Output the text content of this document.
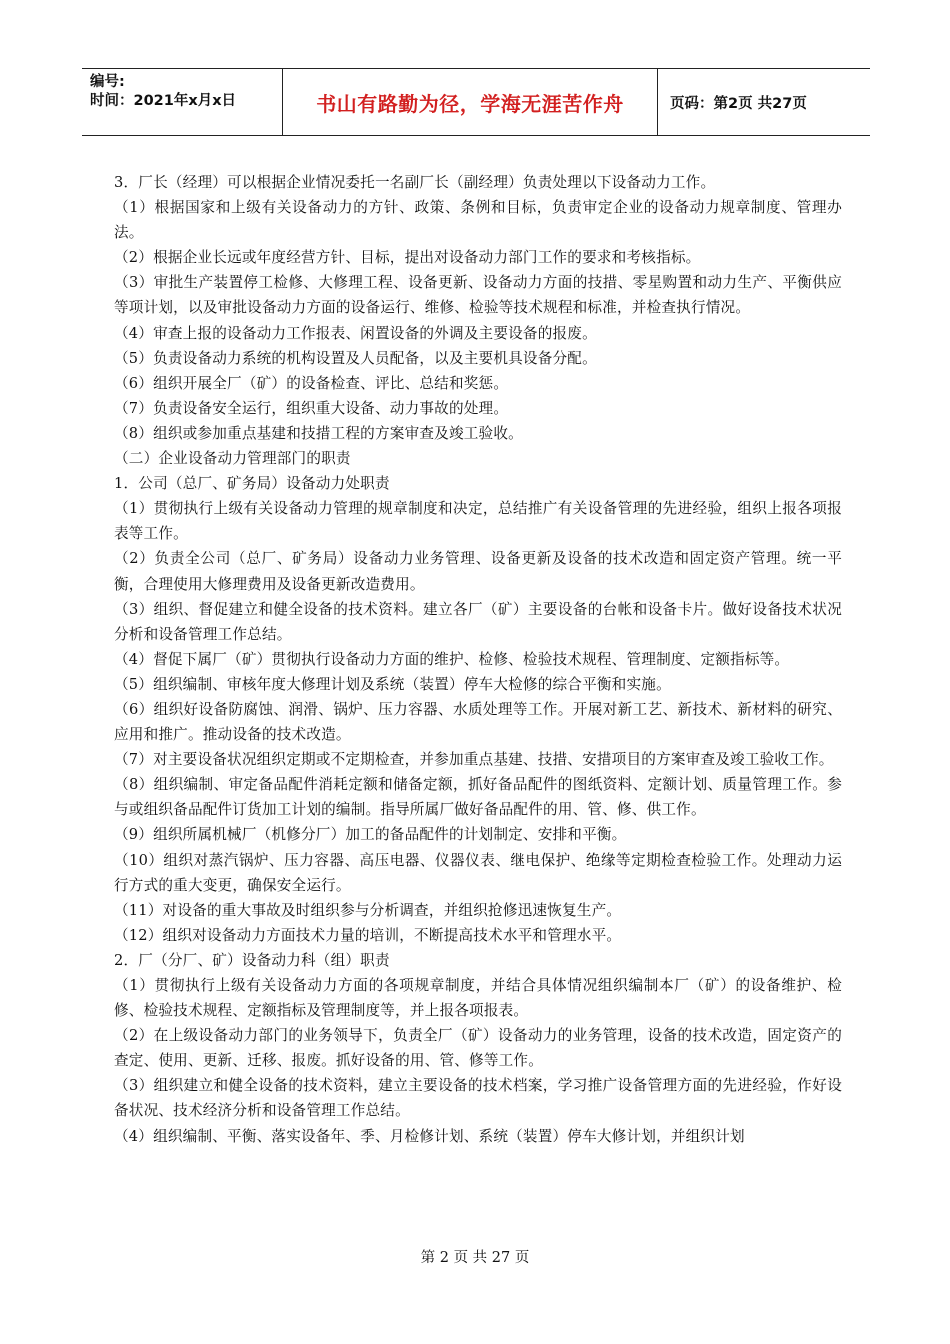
编号:
时间：2021年x月x日	书山有路勤为径，学海无涯苦作舟	页码：第2页 共27页

3．厂长（经理）可以根据企业情况委托一名副厂长（副经理）负责处理以下设备动力工作。

（1）根据国家和上级有关设备动力的方针、政策、条例和目标，负责审定企业的设备动力规章制度、管理办法。

（2）根据企业长远或年度经营方针、目标，提出对设备动力部门工作的要求和考核指标。

（3）审批生产装置停工检修、大修理工程、设备更新、设备动力方面的技措、零星购置和动力生产、平衡供应等项计划，以及审批设备动力方面的设备运行、维修、检验等技术规程和标准，并检查执行情况。

（4）审查上报的设备动力工作报表、闲置设备的外调及主要设备的报废。

（5）负责设备动力系统的机构设置及人员配备，以及主要机具设备分配。

（6）组织开展全厂（矿）的设备检查、评比、总结和奖惩。

（7）负责设备安全运行，组织重大设备、动力事故的处理。

（8）组织或参加重点基建和技措工程的方案审查及竣工验收。

（二）企业设备动力管理部门的职责

1．公司（总厂、矿务局）设备动力处职责

（1）贯彻执行上级有关设备动力管理的规章制度和决定，总结推广有关设备管理的先进经验，组织上报各项报表等工作。

（2）负责全公司（总厂、矿务局）设备动力业务管理、设备更新及设备的技术改造和固定资产管理。统一平衡，合理使用大修理费用及设备更新改造费用。

（3）组织、督促建立和健全设备的技术资料。建立各厂（矿）主要设备的台帐和设备卡片。做好设备技术状况分析和设备管理工作总结。

（4）督促下属厂（矿）贯彻执行设备动力方面的维护、检修、检验技术规程、管理制度、定额指标等。

（5）组织编制、审核年度大修理计划及系统（装置）停车大检修的综合平衡和实施。

（6）组织好设备防腐蚀、润滑、锅炉、压力容器、水质处理等工作。开展对新工艺、新技术、新材料的研究、应用和推广。推动设备的技术改造。

（7）对主要设备状况组织定期或不定期检查，并参加重点基建、技措、安措项目的方案审查及竣工验收工作。

（8）组织编制、审定备品配件消耗定额和储备定额，抓好备品配件的图纸资料、定额计划、质量管理工作。参与或组织备品配件订货加工计划的编制。指导所属厂做好备品配件的用、管、修、供工作。

（9）组织所属机械厂（机修分厂）加工的备品配件的计划制定、安排和平衡。

（10）组织对蒸汽锅炉、压力容器、高压电器、仪器仪表、继电保护、绝缘等定期检查检验工作。处理动力运行方式的重大变更，确保安全运行。

（11）对设备的重大事故及时组织参与分析调查，并组织抢修迅速恢复生产。

（12）组织对设备动力方面技术力量的培训，不断提高技术水平和管理水平。

2．厂（分厂、矿）设备动力科（组）职责

（1）贯彻执行上级有关设备动力方面的各项规章制度，并结合具体情况组织编制本厂（矿）的设备维护、检修、检验技术规程、定额指标及管理制度等，并上报各项报表。

（2）在上级设备动力部门的业务领导下，负责全厂（矿）设备动力的业务管理，设备的技术改造，固定资产的查定、使用、更新、迁移、报废。抓好设备的用、管、修等工作。

（3）组织建立和健全设备的技术资料，建立主要设备的技术档案，学习推广设备管理方面的先进经验，作好设备状况、技术经济分析和设备管理工作总结。

（4）组织编制、平衡、落实设备年、季、月检修计划、系统（装置）停车大修计划，并组织计划

第 2 页 共 27 页
